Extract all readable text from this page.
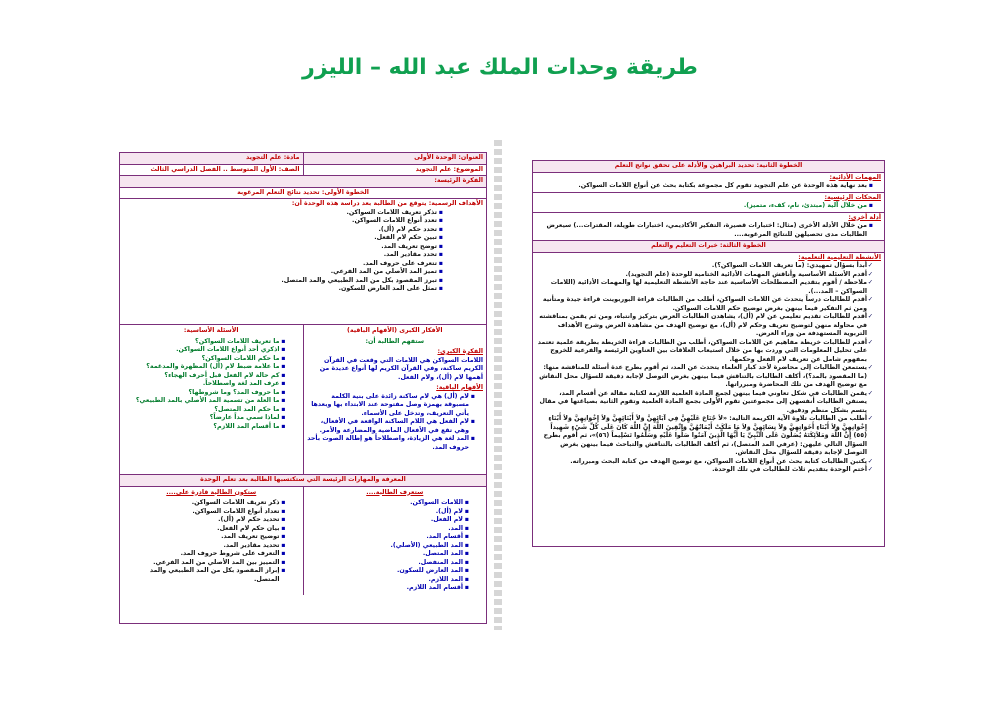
طريقة وحدات الملك عبد الله – الليزر
العنوان: الوحدة الأولى
مادة: علم التجويد
الموضوع: علم التجويد
الصف: الأول المتوسط .. الفصل الدراسي الثالث
الفكرة الرئيسة:
الخطوة الأولى: تحديد نتائج التعلم المرغوبة
الأهداف الرسمية: يتوقع من الطالبة بعد دراسة هذه الوحدة أن:
▪ تذكر تعريف اللامات السواكن.
▪ تعدد أنواع اللامات السواكن.
▪ تحدد حكم لام (أل).
▪ تبين حكم لام الفعل.
▪ توضح تعريف المد.
▪ تحدد مقادير المد.
▪ تتعرف على حروف المد.
▪ تميز المد الأصلي من المد الفرعي.
▪ تبرز المقصود بكل من المد الطبيعي والمد المتصل.
▪ تمثل على المد العارض للسكون.
الأفكار الكبرى (الأفهام الباقية)
ستفهم الطالبة أن:
الفكرة الكبرى:

اللامات السواكن هي اللامات التي وقعت في القرآن الكريم ساكنة، وفي القرآن الكريم لها أنواع عديدة من أهمها لام (أل)، ولام الفعل.

الأفهام الباقية:
▪ لام (أل) هي لام ساكنة زائدة على بنية الكلمة مسبوقة بهمزة وصل مفتوحة عند الابتداء بها وبعدها يأتي التعريف، وتدخل على الأسماء.
▪ لام الفعل هي اللام الساكنة الواقعة في الأفعال، وهي تقع في الأفعال الماضية والمضارعة والأمر.
▪ المد لغة هي الزيادة، واصطلاحاً هو إطالة الصوت بأحد حروف المد.
الأسئلة الأساسية:
▪ ما تعريف اللامات السواكن؟
▪ اذكري أحد أنواع اللامات السواكن.
▪ ما حكم اللامات السواكن؟
▪ ما علامة ضبط لام (أل) المظهرة والمدغمة؟
▪ كم حالة لام الفعل قبل أحرف الهجاء؟
▪ عرف المد لغة واصطلاحاً.
▪ ما حروف المد؟ وما شروطها؟
▪ ما العلة من تسمية المد الأصلي بالمد الطبيعي؟
▪ ما حكم المد المتصل؟
▪ لماذا سمي مداً عارضاً؟
▪ ما أقسام المد اللازم؟
المعرفة والمهارات الرئيسة التي ستكتسبها الطالبة بعد تعلم الوحدة
ستعرف الطالبة....
▪ اللامات السواكن.
▪ لام (أل).
▪ لام الفعل.
▪ المد.
▪ أقسام المد.
▪ المد الطبيعي (الأصلي).
▪ المد المتصل.
▪ المد المنفصل.
▪ المد العارض للسكون.
▪ المد اللازم.
▪ أقسام المد اللازم.
ستكون الطالبة قادرة على....
▪ ذكر تعريف اللامات السواكن.
▪ تعداد أنواع اللامات السواكن.
▪ تحديد حكم لام (أل).
▪ بيان حكم لام الفعل.
▪ توضيح تعريف المد.
▪ تحديد مقادير المد.
▪ التعرف على شروط حروف المد.
▪ التمييز بين المد الأصلي من المد الفرعي.
▪ إبراز المقصود بكل من المد الطبيعي والمد المتصل.
الخطوة الثانية: تحديد البراهين والأدلة على تحقق نواتج التعلم
المهمات الأدائية:
▪ بعد نهاية هذه الوحدة عن علم التجويد تقوم كل مجموعة بكتابة بحث عن أنواع اللامات السواكن.
المحكات الرئيسية:
▪ من خلال آلية (مبتدئ، نام، كفء، متميز).
أدلة أخرى:
▪ من خلال الأدلة الأخرى (مثال: اختبارات قصيرة، التفكير الأكاديمي، اختبارات طويلة، المقترات...) سيعرض الطالبات مدى تحصيلهن للنتائج المرغوبة....
الخطوة الثالثة: خبرات التعليم والتعلم
الأنشطة التعليمية التعلمية:
✓ أبدأ بسؤال تمهيدي: (ما تعريف اللامات السواكن؟).
✓ أقدم الأسئلة الأساسية وأناقش المهمات الأدائية الختامية للوحدة (علم التجويد).
✓ ملاحظة / أقوم بتقديم المصطلحات الأساسية عند حاجة الأنشطة التعليمية لها والمهمات الأدائية (اللامات السواكن – المد...).
✓ أقدم للطالبات درساً يتحدث عن اللامات السواكن، أطلب من الطالبات قراءة البوربوينت قراءة جيدة ومتأنية ومن ثم التفكير فيما بينهن بغرض توضيح حكم اللامات السواكن.
✓ أقدم للطالبات تقديم تعليمي عن لام (أل)، يشاهدن الطالبات العرض بتركيز وانتباه، ومن ثم يقمن بمناقشته في محاولة منهن لتوضيح تعريف وحكم لام (أل)، مع توضيح الهدف من مشاهدة العرض وشرح الأهداف التربوية المستهدفة من وراء العرض.
✓ أقدم للطالبات خريطة مفاهيم عن اللامات السواكن، أطلب من الطالبات قراءة الخريطة بطريقة علمية تعتمد على تحليل المعلومات التي وردت بها من خلال استيعاب العلاقات بين العناوين الرئيسة والفرعية للخروج بمفهوم شامل عن تعريف لام الفعل وحكمها.
✓ يستمعن الطالبات إلى محاضرة لأحد كبار العلماء يتحدث عن المد، ثم أقوم بطرح عدة أسئلة للمناقشة منها: (ما المقصود بالمد؟)، أكلف الطالبات بالتناقش فيما بينهن بغرض التوصل لإجابة دقيقة للسؤال محل النقاش مع توضيح الهدف من تلك المحاضرة ومبرراتها.
✓ يقمن الطالبات في شكل تعاوني فيما بينهن لجمع المادة العلمية اللازمة لكتابة مقالة عن أقسام المد، يصنفن الطالبات أنفسهن إلى مجموعتين تقوم الأولى بجمع المادة العلمية وتقوم الثانية بصياغتها في مقال يتسم بشكل منظم ودقيق.
✓ أطلب من الطالبات تلاوة الآية الكريمة التالية: «لاَ جُنَاحَ عَلَيْهِنَّ فِي آبَائِهِنَّ وَلاَ أَبْنَائِهِنَّ وَلاَ إِخْوَانِهِنَّ وَلاَ أَبْنَاءِ إِخْوَانِهِنَّ وَلاَ أَبْنَاءِ أَخَوَاتِهِنَّ وَلاَ نِسَائِهِنَّ وَلاَ مَا مَلَكَتْ أَيْمَانُهُنَّ وَاتَّقِينَ اللَّهَ إِنَّ اللَّهَ كَانَ عَلَى كُلِّ شَيْءٍ شَهِيداً (٥٥) إِنَّ اللَّهَ وَمَلاَئِكَتَهُ يُصَلُّونَ عَلَى النَّبِيِّ يَا أَيُّهَا الَّذِينَ آمَنُوا صَلُّوا عَلَيْهِ وَسَلِّمُوا تَسْلِيماً (٥٦)»، ثم أقوم بطرح السؤال التالي عليهن: (عرفي المد المتصل)، ثم أكلف الطالبات بالتناقش والتباحث فيما بينهن بغرض التوصل لإجابة دقيقة للسؤال محل النقاش.
✓ يكتبن الطالبات كتابة بحث عن أنواع اللامات السواكن، مع توضيح الهدف من كتابة البحث ومبرراته.
✓ أختم الوحدة بتقديم ثلاث للطالبات في تلك الوحدة.
